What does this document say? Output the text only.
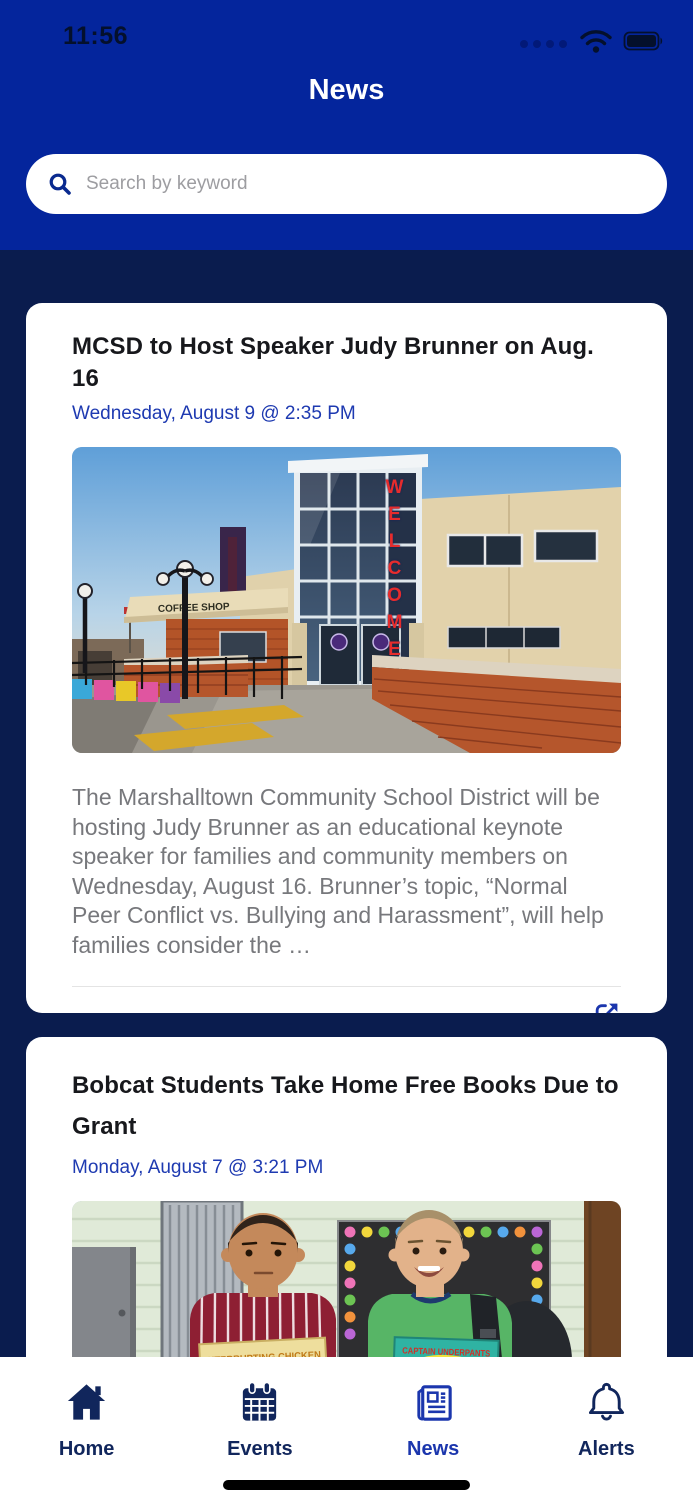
11:56
News
Search by keyword
MCSD to Host Speaker Judy Brunner on Aug. 16
Wednesday, August 9 @ 2:35 PM
COFFEE SHOP	WELCOME
The Marshalltown Community School District will be hosting Judy Brunner as an educational keynote speaker for families and community members on Wednesday, August 16. Brunner’s topic, “Normal Peer Conflict vs. Bullying and Harassment”, will help families consider the …
Bobcat Students Take Home Free Books Due to Grant
Monday, August 7 @ 3:21 PM
CAPTAIN UNDERPANTS
Home	Events	News	Alerts
